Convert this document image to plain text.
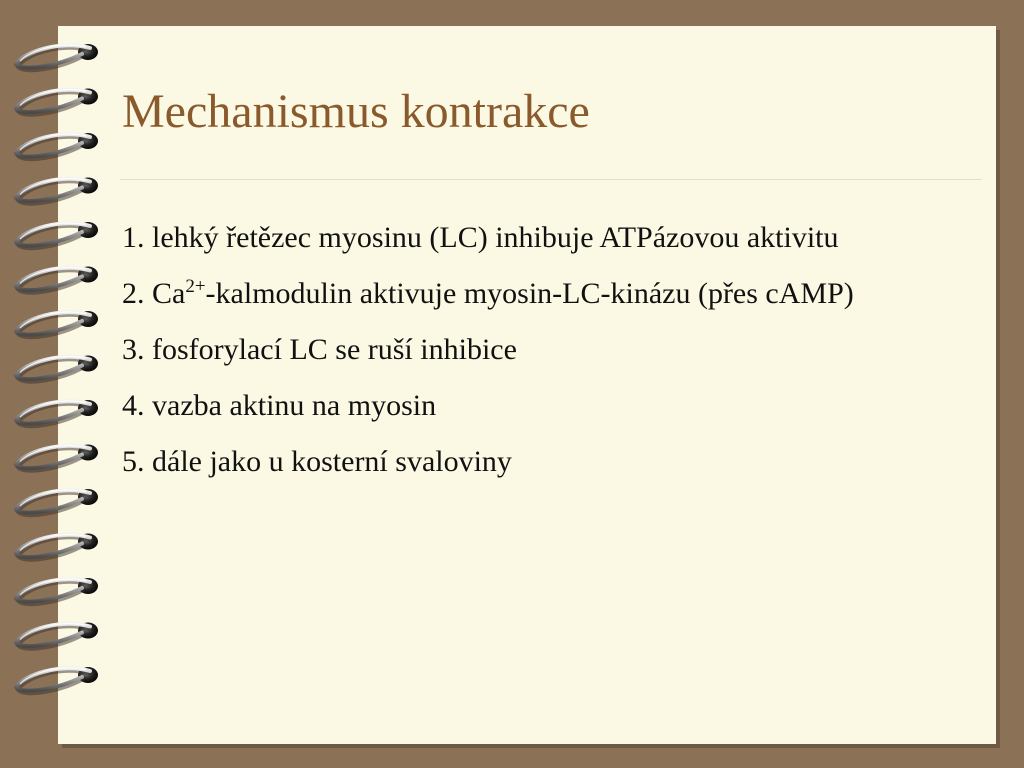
Mechanismus kontrakce
1. lehký řetězec myosinu (LC) inhibuje ATPázovou aktivitu
2. $Ca^{2+}$-kalmodulin aktivuje myosin-LC-kinázu (přes cAMP)
3. fosforylací LC se ruší inhibice
4. vazba aktinu na myosin
5. dále jako u kosterní svaloviny
